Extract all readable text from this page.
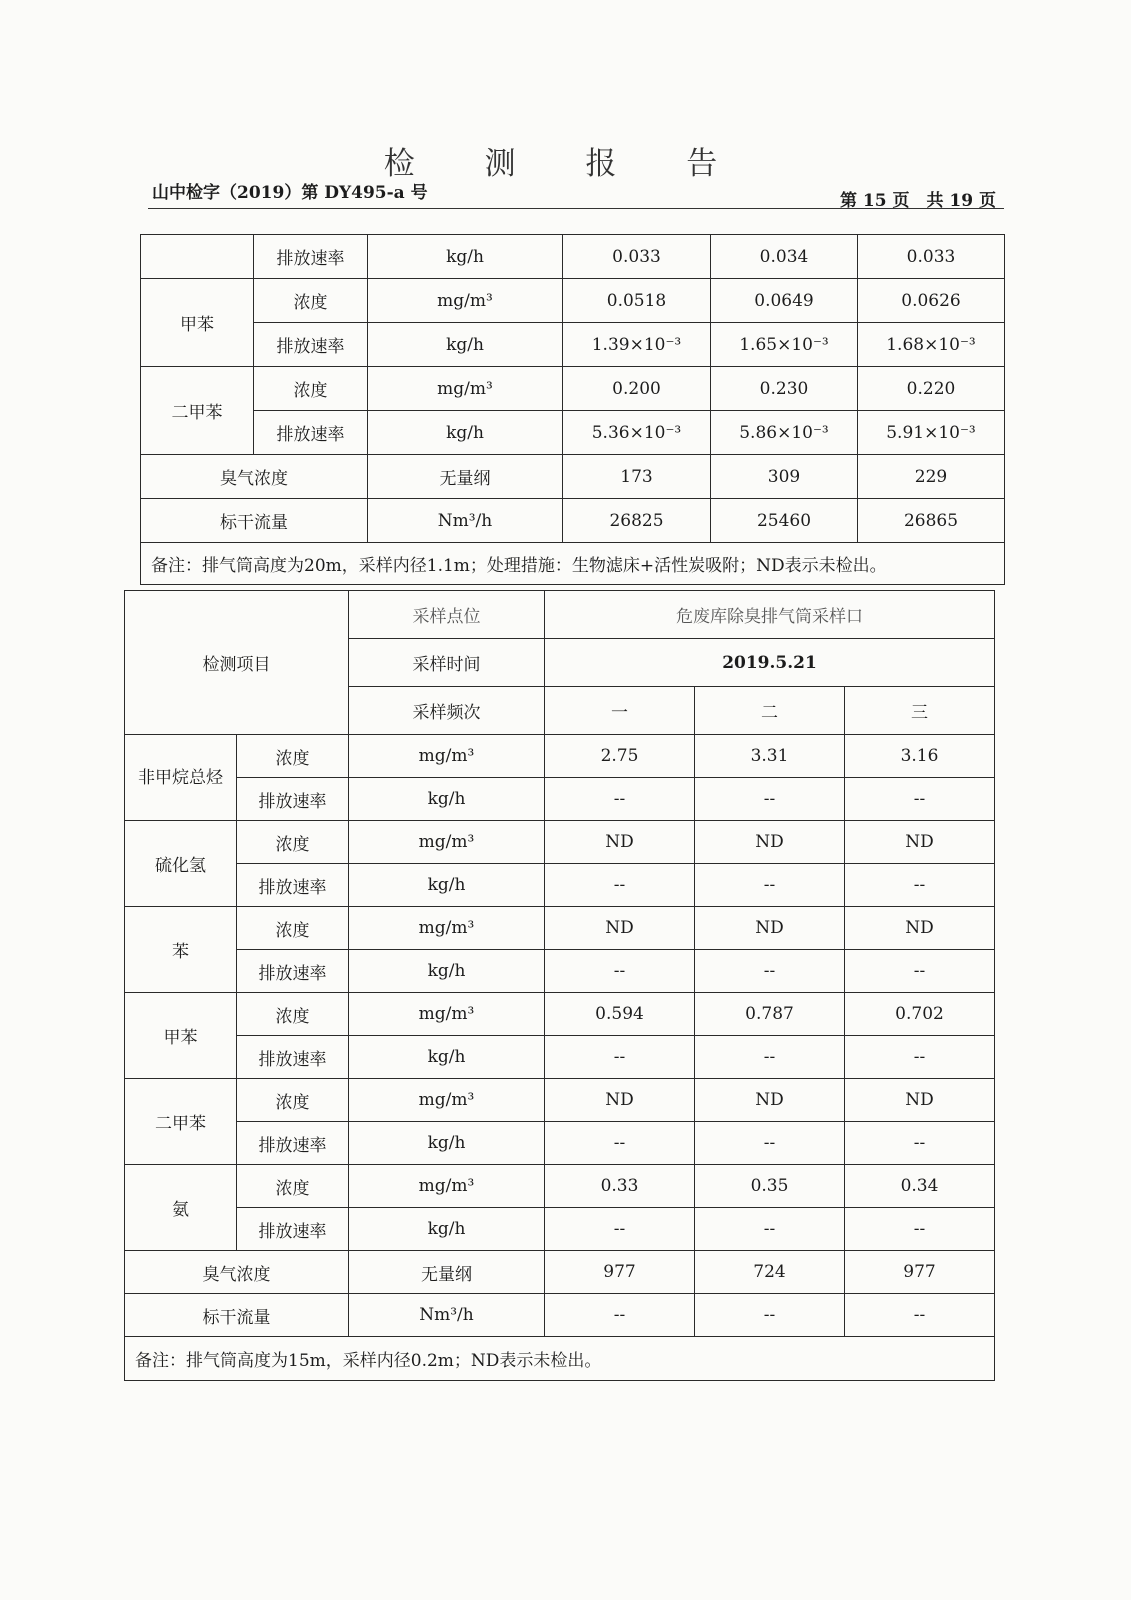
检 测 报 告
山中检字（2019）第 DY495-a 号	第 15 页　共 19 页
	排放速率	kg/h	0.033	0.034	0.033
甲苯	浓度	mg/m³	0.0518	0.0649	0.0626
	排放速率	kg/h	1.39×10⁻³	1.65×10⁻³	1.68×10⁻³
二甲苯	浓度	mg/m³	0.200	0.230	0.220
	排放速率	kg/h	5.36×10⁻³	5.86×10⁻³	5.91×10⁻³
臭气浓度		无量纲	173	309	229
标干流量		Nm³/h	26825	25460	26865
备注：排气筒高度为20m，采样内径1.1m；处理措施：生物滤床+活性炭吸附；ND表示未检出。					
检测项目		采样点位	危废库除臭排气筒采样口		
		采样时间	2019.5.21		
		采样频次	一	二	三
非甲烷总烃	浓度	mg/m³	2.75	3.31	3.16
	排放速率	kg/h	--	--	--
硫化氢	浓度	mg/m³	ND	ND	ND
	排放速率	kg/h	--	--	--
苯	浓度	mg/m³	ND	ND	ND
	排放速率	kg/h	--	--	--
甲苯	浓度	mg/m³	0.594	0.787	0.702
	排放速率	kg/h	--	--	--
二甲苯	浓度	mg/m³	ND	ND	ND
	排放速率	kg/h	--	--	--
氨	浓度	mg/m³	0.33	0.35	0.34
	排放速率	kg/h	--	--	--
臭气浓度		无量纲	977	724	977
标干流量		Nm³/h	--	--	--
备注：排气筒高度为15m，采样内径0.2m；ND表示未检出。					
